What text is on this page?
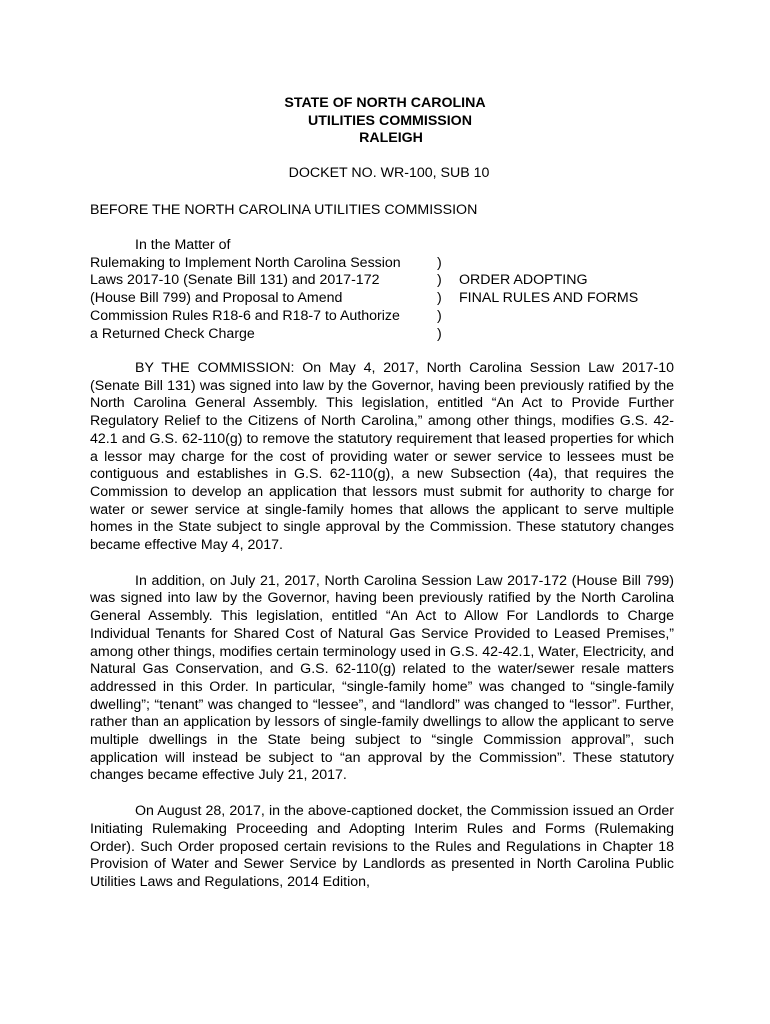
STATE OF NORTH CAROLINA
UTILITIES COMMISSION
RALEIGH
DOCKET NO. WR-100, SUB 10
BEFORE THE NORTH CAROLINA UTILITIES COMMISSION
In the Matter of
Rulemaking to Implement North Carolina Session
Laws 2017-10 (Senate Bill 131) and 2017-172
(House Bill 799) and Proposal to Amend
Commission Rules R18-6 and R18-7 to Authorize
a Returned Check Charge
)
)
)
)
)
ORDER ADOPTING
FINAL RULES AND FORMS

BY THE COMMISSION: On May 4, 2017, North Carolina Session Law 2017-10 (Senate Bill 131) was signed into law by the Governor, having been previously ratified by the North Carolina General Assembly. This legislation, entitled “An Act to Provide Further Regulatory Relief to the Citizens of North Carolina,” among other things, modifies G.S. 42-42.1 and G.S. 62-110(g) to remove the statutory requirement that leased properties for which a lessor may charge for the cost of providing water or sewer service to lessees must be contiguous and establishes in G.S. 62-110(g), a new Subsection (4a), that requires the Commission to develop an application that lessors must submit for authority to charge for water or sewer service at single-family homes that allows the applicant to serve multiple homes in the State subject to single approval by the Commission. These statutory changes became effective May 4, 2017.

In addition, on July 21, 2017, North Carolina Session Law 2017-172 (House Bill 799) was signed into law by the Governor, having been previously ratified by the North Carolina General Assembly. This legislation, entitled “An Act to Allow For Landlords to Charge Individual Tenants for Shared Cost of Natural Gas Service Provided to Leased Premises,” among other things, modifies certain terminology used in G.S. 42-42.1, Water, Electricity, and Natural Gas Conservation, and G.S. 62-110(g) related to the water/sewer resale matters addressed in this Order. In particular, “single-family home” was changed to “single-family dwelling”; “tenant” was changed to “lessee”, and “landlord” was changed to “lessor”. Further, rather than an application by lessors of single-family dwellings to allow the applicant to serve multiple dwellings in the State being subject to “single Commission approval”, such application will instead be subject to “an approval by the Commission”. These statutory changes became effective July 21, 2017.

On August 28, 2017, in the above-captioned docket, the Commission issued an Order Initiating Rulemaking Proceeding and Adopting Interim Rules and Forms (Rulemaking Order). Such Order proposed certain revisions to the Rules and Regulations in Chapter 18 Provision of Water and Sewer Service by Landlords as presented in North Carolina Public Utilities Laws and Regulations, 2014 Edition,
